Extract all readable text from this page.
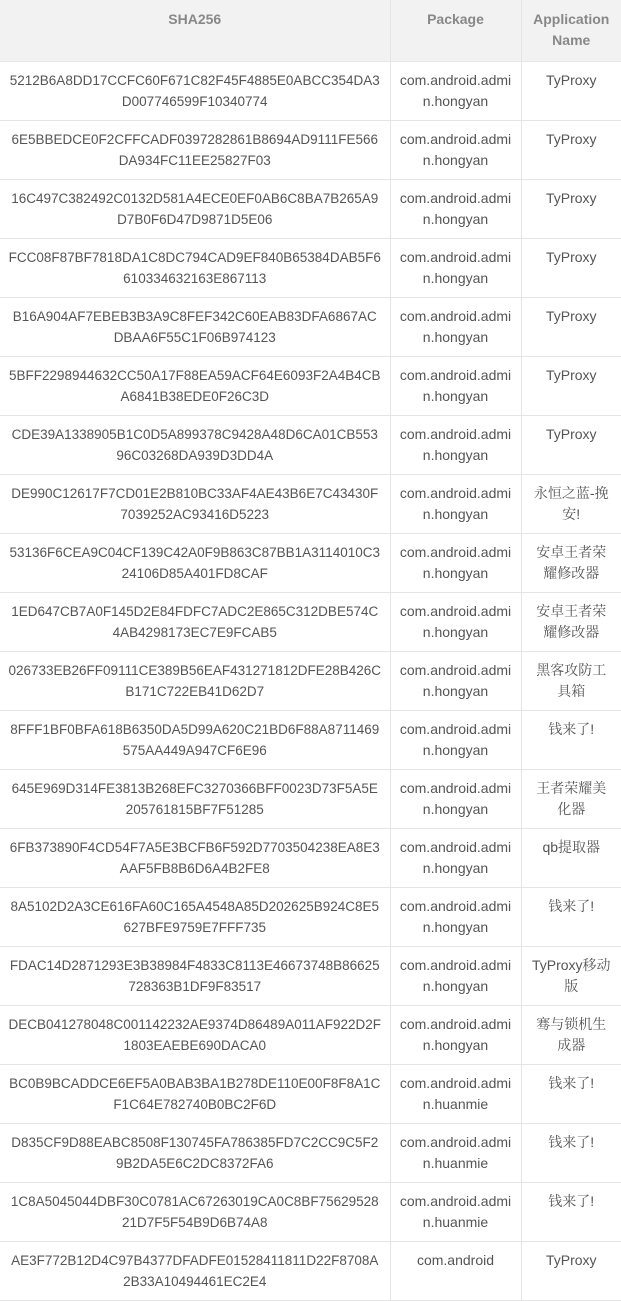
SHA256	Package	Application Name
5212B6A8DD17CCFC60F671C82F45F4885E0ABCC354DA3D007746599F10340774	com.android.admin.hongyan	TyProxy
6E5BBEDCE0F2CFFCADF0397282861B8694AD9111FE566DA934FC11EE25827F03	com.android.admin.hongyan	TyProxy
16C497C382492C0132D581A4ECE0EF0AB6C8BA7B265A9D7B0F6D47D9871D5E06	com.android.admin.hongyan	TyProxy
FCC08F87BF7818DA1C8DC794CAD9EF840B65384DAB5F6610334632163E867113	com.android.admin.hongyan	TyProxy
B16A904AF7EBEB3B3A9C8FEF342C60EAB83DFA6867ACDBAA6F55C1F06B974123	com.android.admin.hongyan	TyProxy
5BFF2298944632CC50A17F88EA59ACF64E6093F2A4B4CBA6841B38EDE0F26C3D	com.android.admin.hongyan	TyProxy
CDE39A1338905B1C0D5A899378C9428A48D6CA01CB55396C03268DA939D3DD4A	com.android.admin.hongyan	TyProxy
DE990C12617F7CD01E2B810BC33AF4AE43B6E7C43430F7039252AC93416D5223	com.android.admin.hongyan	永恒之蓝-挽安!
53136F6CEA9C04CF139C42A0F9B863C87BB1A3114010C324106D85A401FD8CAF	com.android.admin.hongyan	安卓王者荣耀修改器
1ED647CB7A0F145D2E84FDFC7ADC2E865C312DBE574C4AB4298173EC7E9FCAB5	com.android.admin.hongyan	安卓王者荣耀修改器
026733EB26FF09111CE389B56EAF431271812DFE28B426CB171C722EB41D62D7	com.android.admin.hongyan	黑客攻防工具箱
8FFF1BF0BFA618B6350DA5D99A620C21BD6F88A8711469575AA449A947CF6E96	com.android.admin.hongyan	钱来了!
645E969D314FE3813B268EFC3270366BFF0023D73F5A5E205761815BF7F51285	com.android.admin.hongyan	王者荣耀美化器
6FB373890F4CD54F7A5E3BCFB6F592D7703504238EA8E3AAF5FB8B6D6A4B2FE8	com.android.admin.hongyan	qb提取器
8A5102D2A3CE616FA60C165A4548A85D202625B924C8E5627BFE9759E7FFF735	com.android.admin.hongyan	钱来了!
FDAC14D2871293E3B38984F4833C8113E46673748B86625728363B1DF9F83517	com.android.admin.hongyan	TyProxy移动版
DECB041278048C001142232AE9374D86489A011AF922D2F1803EAEBE690DACA0	com.android.admin.hongyan	骞与锁机生成器
BC0B9BCADDCE6EF5A0BAB3BA1B278DE110E00F8F8A1CF1C64E782740B0BC2F6D	com.android.admin.huanmie	钱来了!
D835CF9D88EABC8508F130745FA786385FD7C2CC9C5F29B2DA5E6C2DC8372FA6	com.android.admin.huanmie	钱来了!
1C8A5045044DBF30C0781AC67263019CA0C8BF7562952821D7F5F54B9D6B74A8	com.android.admin.huanmie	钱来了!
AE3F772B12D4C97B4377DFADFE01528411811D22F8708A2B33A10494461EC2E4	com.android	TyProxy
